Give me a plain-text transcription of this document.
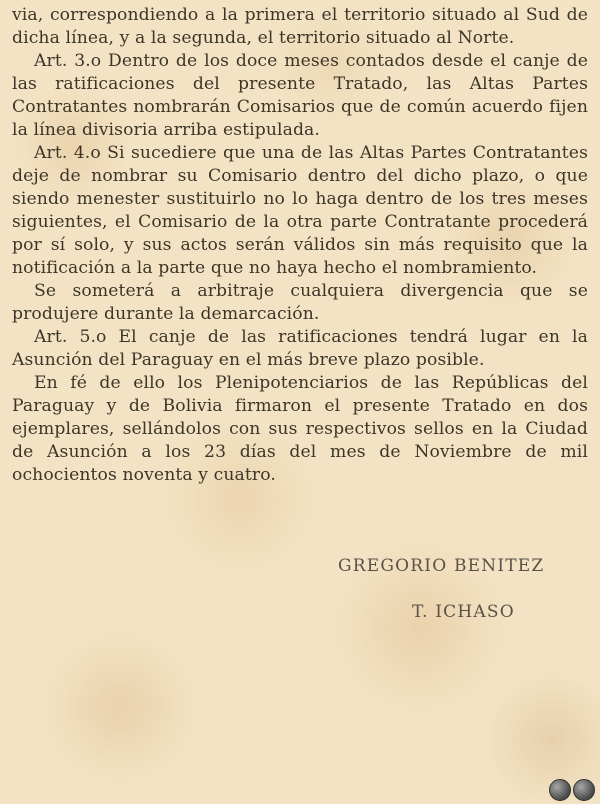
via, correspondiendo a la primera el territorio situado al Sud de dicha línea, y a la segunda, el territorio situado al Norte.

Art. 3.o Dentro de los doce meses contados desde el canje de las ratificaciones del presente Tratado, las Altas Partes Contratantes nombrarán Comisarios que de común acuerdo fijen la línea divisoria arriba estipulada.

Art. 4.o Si sucediere que una de las Altas Partes Contratantes deje de nombrar su Comisario dentro del dicho plazo, o que siendo menester sustituirlo no lo haga dentro de los tres meses siguientes, el Comisario de la otra parte Contratante procederá por sí solo, y sus actos serán válidos sin más requisito que la notificación a la parte que no haya hecho el nombramiento.

Se someterá a arbitraje cualquiera divergencia que se produjere durante la demarcación.

Art. 5.o El canje de las ratificaciones tendrá lugar en la Asunción del Paraguay en el más breve plazo posible.

En fé de ello los Plenipotenciarios de las Repúblicas del Paraguay y de Bolivia firmaron el presente Tratado en dos ejemplares, sellándolos con sus respectivos sellos en la Ciudad de Asunción a los 23 días del mes de Noviembre de mil ochocientos noventa y cuatro.

GREGORIO BENITEZ
T. ICHASO
